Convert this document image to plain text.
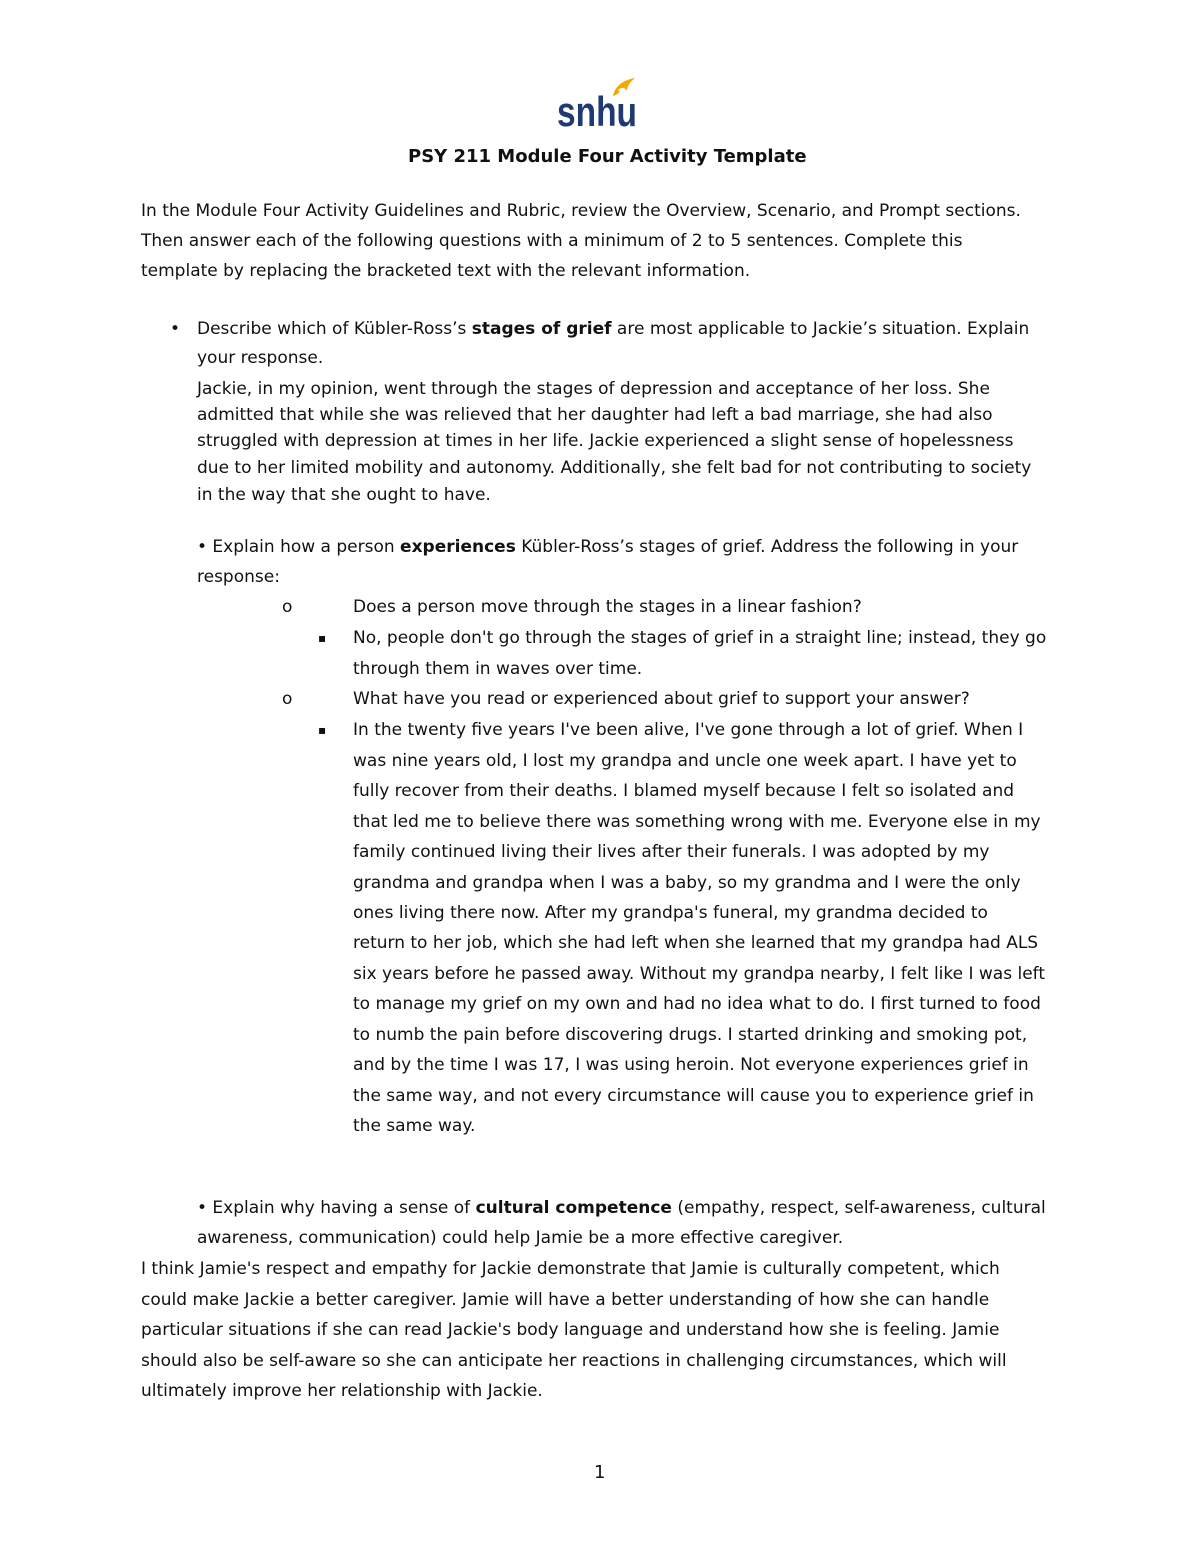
snhu
PSY 211 Module Four Activity Template
In the Module Four Activity Guidelines and Rubric, review the Overview, Scenario, and Prompt sections.
Then answer each of the following questions with a minimum of 2 to 5 sentences. Complete this
template by replacing the bracketed text with the relevant information.
• Describe which of Kübler-Ross’s stages of grief are most applicable to Jackie’s situation. Explain
your response.
Jackie, in my opinion, went through the stages of depression and acceptance of her loss. She
admitted that while she was relieved that her daughter had left a bad marriage, she had also
struggled with depression at times in her life. Jackie experienced a slight sense of hopelessness
due to her limited mobility and autonomy. Additionally, she felt bad for not contributing to society
in the way that she ought to have.
• Explain how a person experiences Kübler-Ross’s stages of grief. Address the following in your
response:
o	Does a person move through the stages in a linear fashion?
▪ No, people don't go through the stages of grief in a straight line; instead, they go
through them in waves over time.
o	What have you read or experienced about grief to support your answer?
▪ In the twenty five years I've been alive, I've gone through a lot of grief. When I
was nine years old, I lost my grandpa and uncle one week apart. I have yet to
fully recover from their deaths. I blamed myself because I felt so isolated and
that led me to believe there was something wrong with me. Everyone else in my
family continued living their lives after their funerals. I was adopted by my
grandma and grandpa when I was a baby, so my grandma and I were the only
ones living there now. After my grandpa's funeral, my grandma decided to
return to her job, which she had left when she learned that my grandpa had ALS
six years before he passed away. Without my grandpa nearby, I felt like I was left
to manage my grief on my own and had no idea what to do. I first turned to food
to numb the pain before discovering drugs. I started drinking and smoking pot,
and by the time I was 17, I was using heroin. Not everyone experiences grief in
the same way, and not every circumstance will cause you to experience grief in
the same way.
• Explain why having a sense of cultural competence (empathy, respect, self-awareness, cultural
awareness, communication) could help Jamie be a more effective caregiver.
I think Jamie's respect and empathy for Jackie demonstrate that Jamie is culturally competent, which
could make Jackie a better caregiver. Jamie will have a better understanding of how she can handle
particular situations if she can read Jackie's body language and understand how she is feeling. Jamie
should also be self-aware so she can anticipate her reactions in challenging circumstances, which will
ultimately improve her relationship with Jackie.
1
